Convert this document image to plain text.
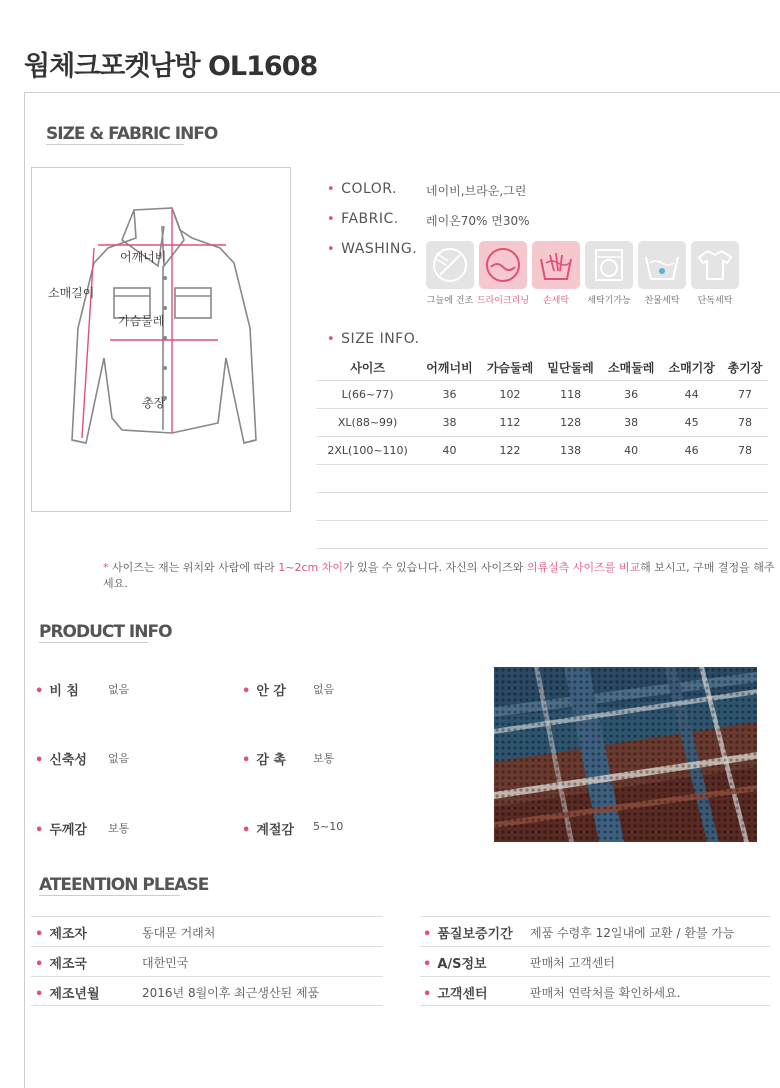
웜체크포켓남방 OL1608
SIZE & FABRIC INFO
어깨너비
소매길이
가슴둘레
총장
• COLOR. 네이비,브라운,그린
• FABRIC. 레이온70% 면30%
• WASHING.
그늘에 건조 드라이크리닝	손세탁	세탁기가능	찬물세탁	단독세탁
• SIZE INFO.
사이즈	어깨너비	가슴둘레	밑단둘레	소매둘레	소매기장	총기장
L(66~77)	36	102	118	36	44	77
XL(88~99)	38	112	128	38	45	78
2XL(100~110)	40	122	138	40	46	78

* 사이즈는 재는 위치와 사람에 따라 1~2cm 차이가 있을 수 있습니다. 자신의 사이즈와 의류실측 사이즈를 비교해 보시고, 구매 결정을 해주세요.
PRODUCT INFO
• 비 침	없음	• 안 감 없음
• 신축성 없음	• 감 촉 보통
• 두께감 보통	• 계절감 5~10
ATEENTION PLEASE
• 제조자	동대문 거래처	• 품질보증기간 제품 수령후 12일내에 교환 / 환불 가능
• 제조국	대한민국	• A/S정보	판매처 고객센터
• 제조년월	2016년 8월이후 최근생산된 제품	• 고객센터	판매처 연락처를 확인하세요.
